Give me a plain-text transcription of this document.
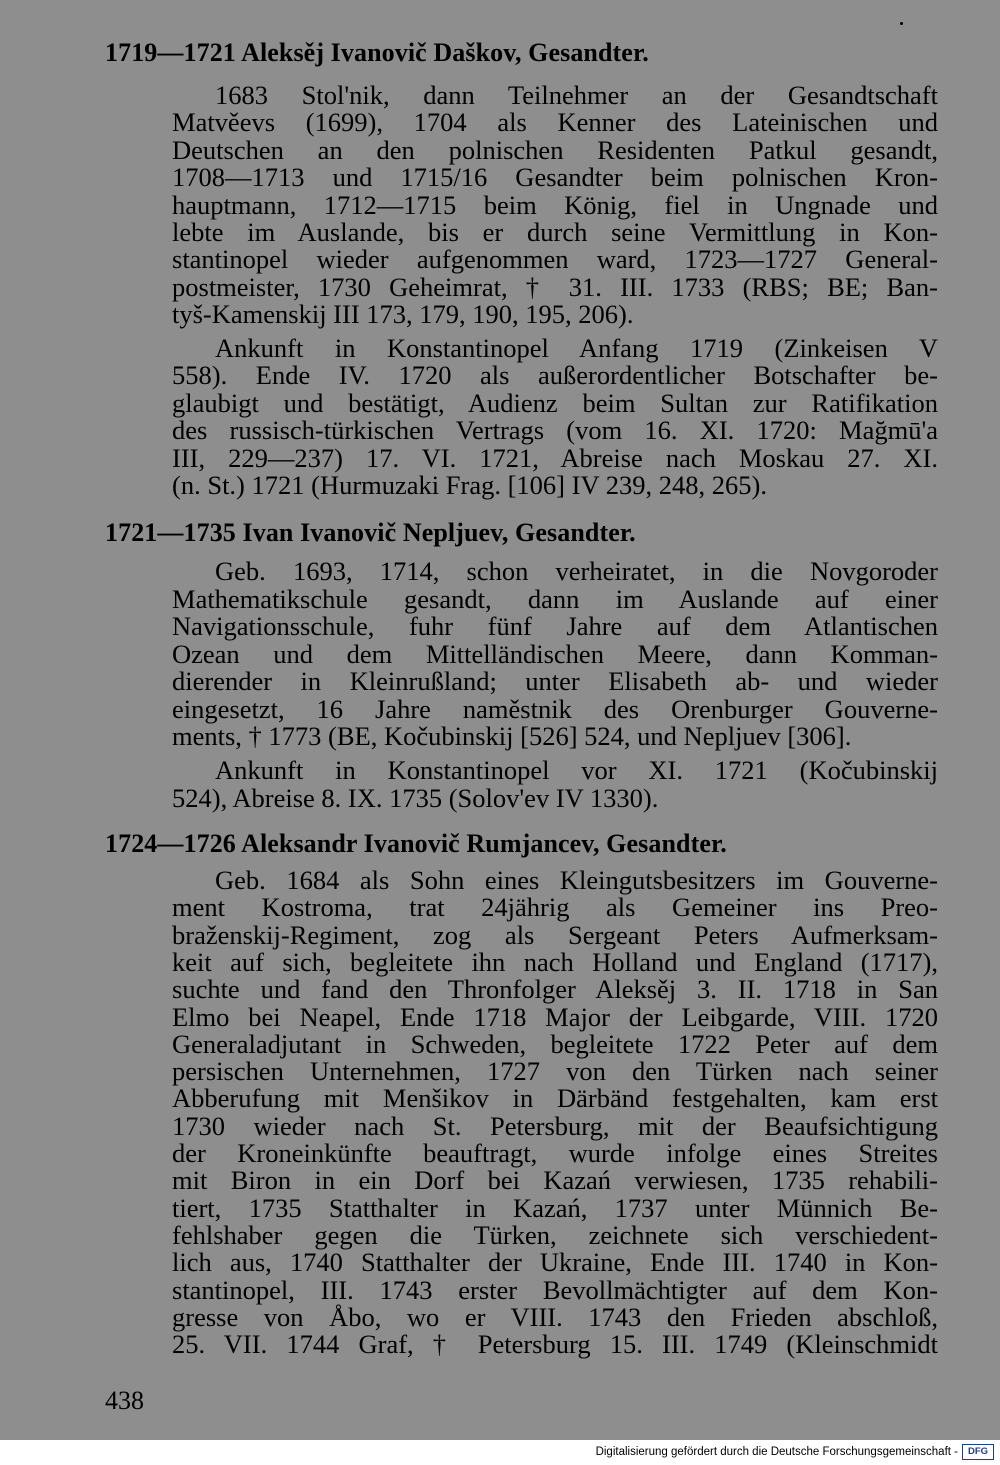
1719—1721 Aleksěj Ivanovič Daškov, Gesandter.
1683 Stol'nik, dann Teilnehmer an der Gesandtschaft
Matvěevs (1699), 1704 als Kenner des Lateinischen und
Deutschen an den polnischen Residenten Patkul gesandt,
1708—1713 und 1715/16 Gesandter beim polnischen Kron-
hauptmann, 1712—1715 beim König, fiel in Ungnade und
lebte im Auslande, bis er durch seine Vermittlung in Kon-
stantinopel wieder aufgenommen ward, 1723—1727 General-
postmeister, 1730 Geheimrat, † 31. III. 1733 (RBS; BE; Ban-
tyš-Kamenskij III 173, 179, 190, 195, 206).
Ankunft in Konstantinopel Anfang 1719 (Zinkeisen V
558). Ende IV. 1720 als außerordentlicher Botschafter be-
glaubigt und bestätigt, Audienz beim Sultan zur Ratifikation
des russisch-türkischen Vertrags (vom 16. XI. 1720: Mağmū'a
III, 229—237) 17. VI. 1721, Abreise nach Moskau 27. XI.
(n. St.) 1721 (Hurmuzaki Frag. [106] IV 239, 248, 265).
1721—1735 Ivan Ivanovič Nepljuev, Gesandter.
Geb. 1693, 1714, schon verheiratet, in die Novgoroder
Mathematikschule gesandt, dann im Auslande auf einer
Navigationsschule, fuhr fünf Jahre auf dem Atlantischen
Ozean und dem Mittelländischen Meere, dann Komman-
dierender in Kleinrußland; unter Elisabeth ab- und wieder
eingesetzt, 16 Jahre naměstnik des Orenburger Gouverne-
ments, † 1773 (BE, Kočubinskij [526] 524, und Nepljuev [306].
Ankunft in Konstantinopel vor XI. 1721 (Kočubinskij
524), Abreise 8. IX. 1735 (Solov'ev IV 1330).
1724—1726 Aleksandr Ivanovič Rumjancev, Gesandter.
Geb. 1684 als Sohn eines Kleingutsbesitzers im Gouverne-
ment Kostroma, trat 24jährig als Gemeiner ins Preo-
braženskij-Regiment, zog als Sergeant Peters Aufmerksam-
keit auf sich, begleitete ihn nach Holland und England (1717),
suchte und fand den Thronfolger Aleksěj 3. II. 1718 in San
Elmo bei Neapel, Ende 1718 Major der Leibgarde, VIII. 1720
Generaladjutant in Schweden, begleitete 1722 Peter auf dem
persischen Unternehmen, 1727 von den Türken nach seiner
Abberufung mit Menšikov in Därbänd festgehalten, kam erst
1730 wieder nach St. Petersburg, mit der Beaufsichtigung
der Kroneinkünfte beauftragt, wurde infolge eines Streites
mit Biron in ein Dorf bei Kazań verwiesen, 1735 rehabili-
tiert, 1735 Statthalter in Kazań, 1737 unter Münnich Be-
fehlshaber gegen die Türken, zeichnete sich verschiedent-
lich aus, 1740 Statthalter der Ukraine, Ende III. 1740 in Kon-
stantinopel, III. 1743 erster Bevollmächtigter auf dem Kon-
gresse von Åbo, wo er VIII. 1743 den Frieden abschloß,
25. VII. 1744 Graf, † Petersburg 15. III. 1749 (Kleinschmidt
438
Digitalisierung gefördert durch die Deutsche Forschungsgemeinschaft -	DFG
